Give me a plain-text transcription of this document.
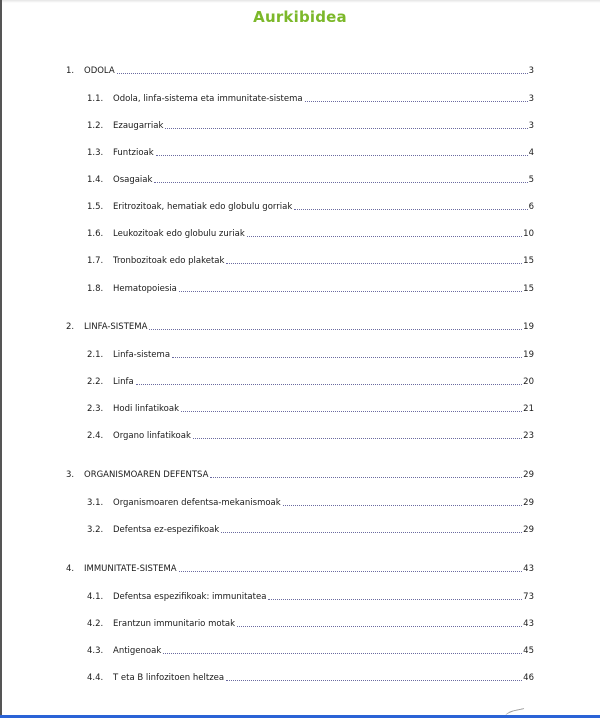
Aurkibidea
1.	ODOLA	3
1.1.	Odola, linfa-sistema eta immunitate-sistema	3
1.2.	Ezaugarriak	3
1.3.	Funtzioak	4
1.4.	Osagaiak	5
1.5.	Eritrozitoak, hematiak edo globulu gorriak	6
1.6.	Leukozitoak edo globulu zuriak	10
1.7.	Tronbozitoak edo plaketak	15
1.8.	Hematopoiesia	15
2.	LINFA-SISTEMA	19
2.1.	Linfa-sistema	19
2.2.	Linfa	20
2.3.	Hodi linfatikoak	21
2.4.	Organo linfatikoak	23
3.	ORGANISMOAREN DEFENTSA	29
3.1.	Organismoaren defentsa-mekanismoak	29
3.2.	Defentsa ez-espezifikoak	29
4.	IMMUNITATE-SISTEMA	43
4.1.	Defentsa espezifikoak: immunitatea	73
4.2.	Erantzun immunitario motak	43
4.3.	Antigenoak	45
4.4.	T eta B linfozitoen heltzea	46
